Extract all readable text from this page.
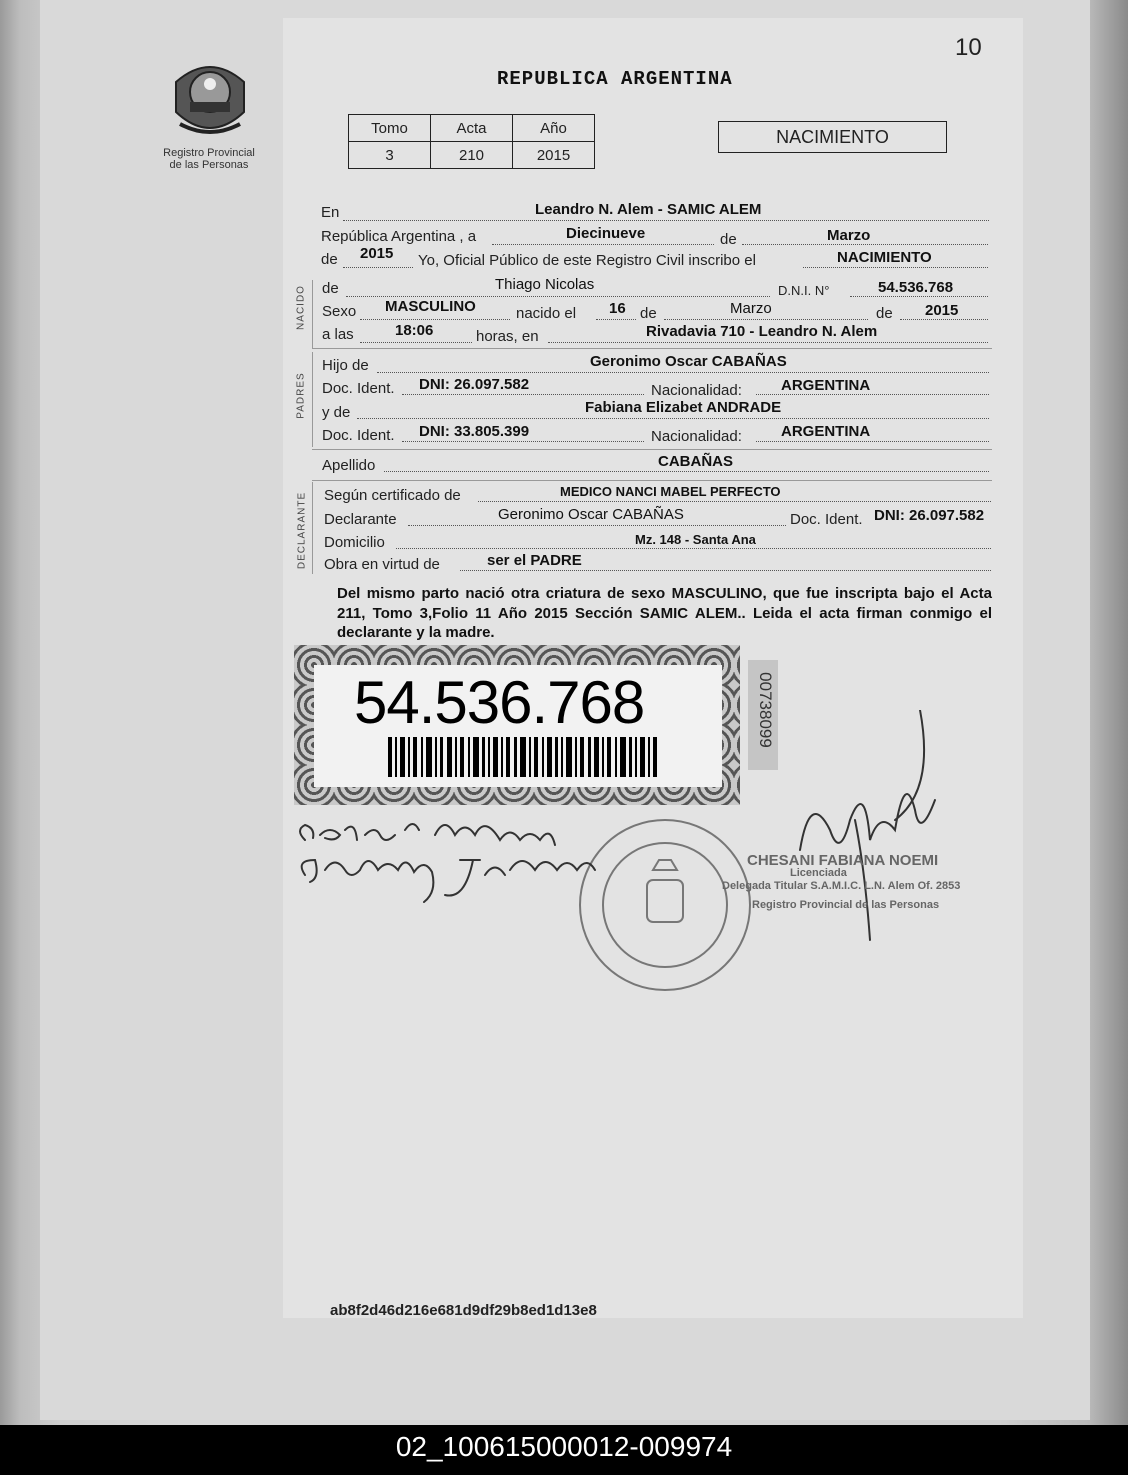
10
Registro Provincial
de las Personas
REPUBLICA ARGENTINA
Tomo	Acta	Año
3	210	2015
NACIMIENTO
NACIDO
PADRES
DECLARANTE
En	Leandro N. Alem - SAMIC ALEM
República Argentina , a	Diecinueve	de	Marzo
de 2015 Yo, Oficial Público de este Registro Civil inscribo el	NACIMIENTO
de	Thiago Nicolas	D.N.I. N°	54.536.768
Sexo MASCULINO	nacido el 16 de	Marzo	de 2015
a las	18:06	horas, en	Rivadavia 710 - Leandro N. Alem
Hijo de	Geronimo Oscar CABAÑAS
Doc. Ident. DNI: 26.097.582	Nacionalidad:	ARGENTINA
y de	Fabiana Elizabet ANDRADE
Doc. Ident. DNI: 33.805.399	Nacionalidad:	ARGENTINA
Apellido	CABAÑAS
Según certificado de	MEDICO NANCI MABEL PERFECTO
Declarante	Geronimo Oscar CABAÑAS	Doc. Ident. DNI: 26.097.582
Domicilio	Mz. 148 - Santa Ana
Obra en virtud de	ser el PADRE
Del mismo parto nació otra criatura de sexo MASCULINO, que fue inscripta bajo el Acta 211, Tomo 3,Folio 11 Año 2015 Sección SAMIC ALEM.. Leida el acta firman conmigo el declarante y la madre.
54.536.768	00738099
CHESANI FABIANA NOEMI
Licenciada
Delegada Titular S.A.M.I.C. L.N. Alem Of. 2853
Registro Provincial de las Personas
ab8f2d46d216e681d9df29b8ed1d13e8
02_100615000012-009974
